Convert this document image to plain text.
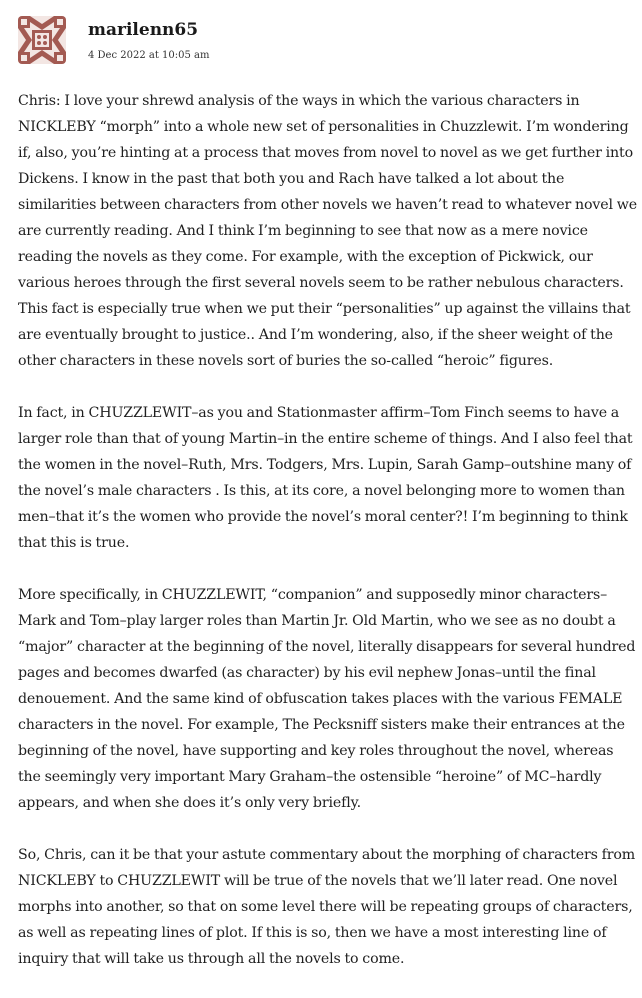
marilenn65
4 Dec 2022 at 10:05 am

Chris: I love your shrewd analysis of the ways in which the various characters in NICKLEBY “morph” into a whole new set of personalities in Chuzzlewit. I’m wondering if, also, you’re hinting at a process that moves from novel to novel as we get further into Dickens. I know in the past that both you and Rach have talked a lot about the similarities between characters from other novels we haven’t read to whatever novel we are currently reading. And I think I’m beginning to see that now as a mere novice reading the novels as they come. For example, with the exception of Pickwick, our various heroes through the first several novels seem to be rather nebulous characters. This fact is especially true when we put their “personalities” up against the villains that are eventually brought to justice.. And I’m wondering, also, if the sheer weight of the other characters in these novels sort of buries the so-called “heroic” figures.

In fact, in CHUZZLEWIT–as you and Stationmaster affirm–Tom Finch seems to have a larger role than that of young Martin–in the entire scheme of things. And I also feel that the women in the novel–Ruth, Mrs. Todgers, Mrs. Lupin, Sarah Gamp–outshine many of the novel’s male characters . Is this, at its core, a novel belonging more to women than men–that it’s the women who provide the novel’s moral center?! I’m beginning to think that this is true.

More specifically, in CHUZZLEWIT, “companion” and supposedly minor characters–Mark and Tom–play larger roles than Martin Jr. Old Martin, who we see as no doubt a “major” character at the beginning of the novel, literally disappears for several hundred pages and becomes dwarfed (as character) by his evil nephew Jonas–until the final denouement. And the same kind of obfuscation takes places with the various FEMALE characters in the novel. For example, The Pecksniff sisters make their entrances at the beginning of the novel, have supporting and key roles throughout the novel, whereas the seemingly very important Mary Graham–the ostensible “heroine” of MC–hardly appears, and when she does it’s only very briefly.

So, Chris, can it be that your astute commentary about the morphing of characters from NICKLEBY to CHUZZLEWIT will be true of the novels that we’ll later read. One novel morphs into another, so that on some level there will be repeating groups of characters, as well as repeating lines of plot. If this is so, then we have a most interesting line of inquiry that will take us through all the novels to come.
